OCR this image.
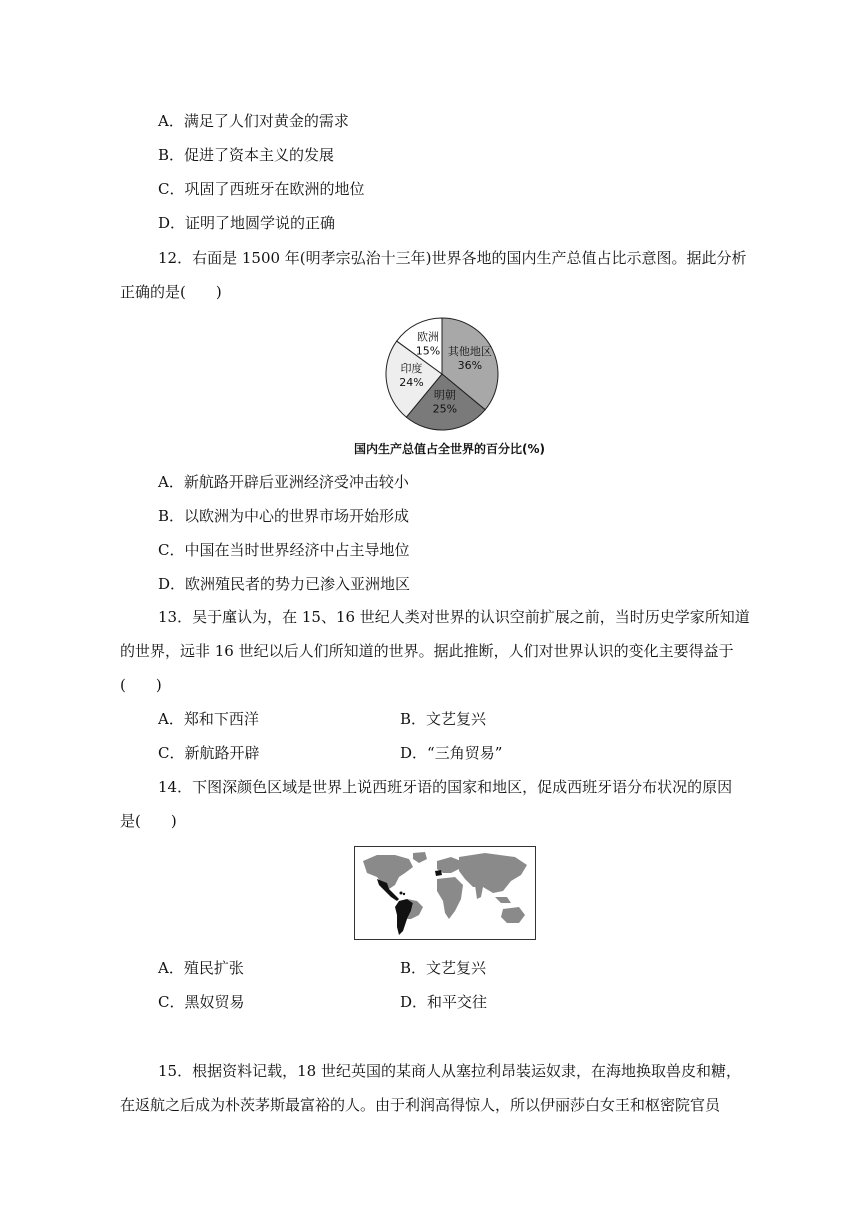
A．满足了人们对黄金的需求
B．促进了资本主义的发展
C．巩固了西班牙在欧洲的地位
D．证明了地圆学说的正确
12．右面是 1500 年(明孝宗弘治十三年)世界各地的国内生产总值占比示意图。据此分析
正确的是(　　)
其他地区
36%
明朝
25%
印度
24%
欧洲
15%
国内生产总值占全世界的百分比(%)
A．新航路开辟后亚洲经济受冲击较小
B．以欧洲为中心的世界市场开始形成
C．中国在当时世界经济中占主导地位
D．欧洲殖民者的势力已渗入亚洲地区
13．吴于廑认为，在 15、16 世纪人类对世界的认识空前扩展之前，当时历史学家所知道
的世界，远非 16 世纪以后人们所知道的世界。据此推断，人们对世界认识的变化主要得益于
(　　)
A．郑和下西洋	B．文艺复兴
C．新航路开辟	D．“三角贸易”
14．下图深颜色区域是世界上说西班牙语的国家和地区，促成西班牙语分布状况的原因
是(　　)
A．殖民扩张	B．文艺复兴
C．黑奴贸易	D．和平交往
15．根据资料记载，18 世纪英国的某商人从塞拉利昂装运奴隶，在海地换取兽皮和糖，
在返航之后成为朴茨茅斯最富裕的人。由于利润高得惊人，所以伊丽莎白女王和枢密院官员
